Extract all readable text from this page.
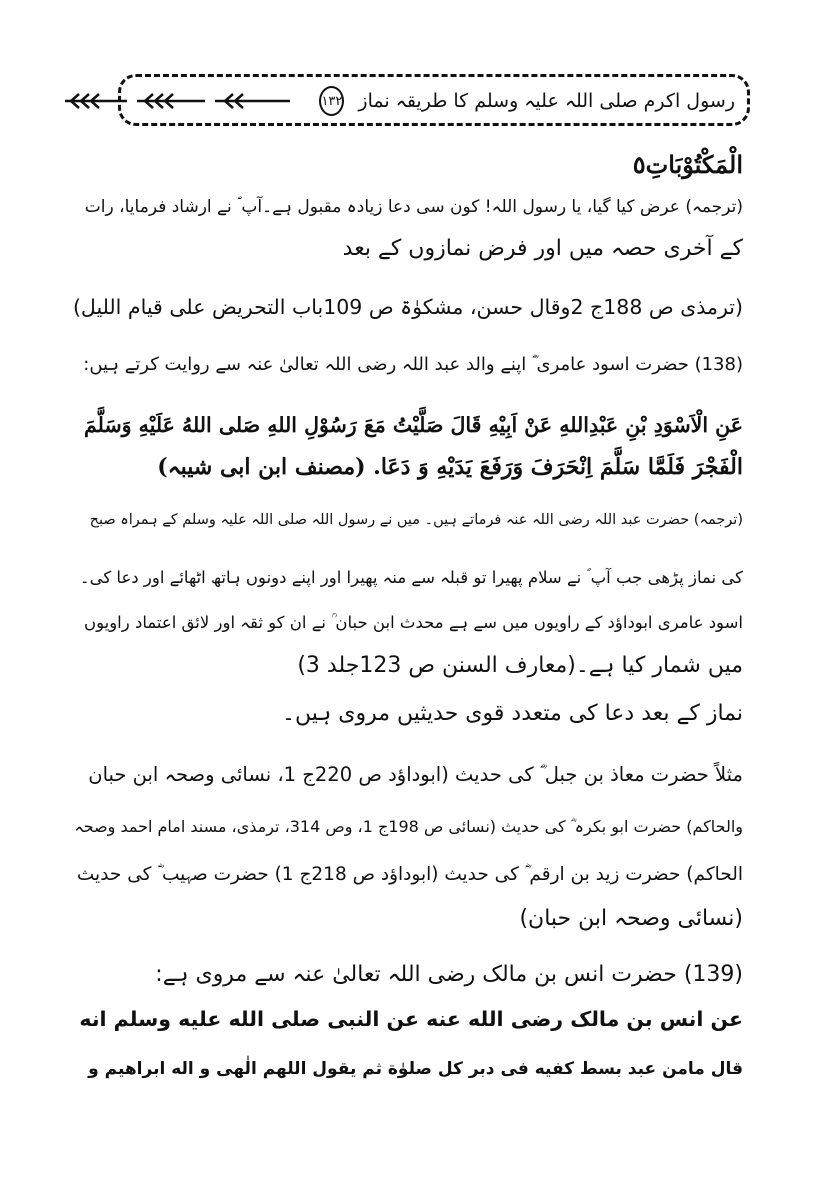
رسول اکرم صلی اللہ علیہ وسلم کا طریقہ نماز
۱۳۲
الْمَكْتُوْبَاتِ٥
(ترجمہ) عرض کیا گیا، یا رسول اللہ! کون سی دعا زیادہ مقبول ہے۔آپ ؐ نے ارشاد فرمایا، رات
کے آخری حصہ میں اور فرض نمازوں کے بعد
(ترمذی ص 188ج 2وقال حسن، مشکوٰۃ ص 109باب التحریض علی قیام اللیل)
(138) حضرت اسود عامری ؓ اپنے والد عبد اللہ رضی اللہ تعالیٰ عنہ سے روایت کرتے ہیں:
عَنِ الْاَسْوَدِ بْنِ عَبْدِاللهِ عَنْ اَبِيْهِ قَالَ صَلَّيْتُ مَعَ رَسُوْلِ اللهِ صَلى اللهُ عَلَيْهِ وَسَلَّمَ
الْفَجْرَ فَلَمَّا سَلَّمَ اِنْحَرَفَ وَرَفَعَ يَدَيْهِ وَ دَعَا. (مصنف ابن ابی شیبہ)
(ترجمہ) حضرت عبد اللہ رضی اللہ عنہ فرماتے ہیں۔ میں نے رسول اللہ صلی اللہ علیہ وسلم کے ہمراہ صبح
کی نماز پڑھی جب آپ ؐ نے سلام پھیرا تو قبلہ سے منہ پھیرا اور اپنے دونوں ہاتھ اٹھائے اور دعا کی۔
اسود عامری ابوداؤد کے راویوں میں سے ہے محدث ابن حبان ؒ نے ان کو ثقہ اور لائق اعتماد راویوں
میں شمار کیا ہے۔(معارف السنن ص 123جلد 3)
نماز کے بعد دعا کی متعدد قوی حدیثیں مروی ہیں۔
مثلاً حضرت معاذ بن جبل ؓ کی حدیث (ابوداؤد ص 220ج 1، نسائی وصحہ ابن حبان
والحاکم) حضرت ابو بکرہ ؓ کی حدیث (نسائی ص 198ج 1، وص 314، ترمذی، مسند امام احمد وصحہ
الحاکم) حضرت زید بن ارقم ؓ کی حدیث (ابوداؤد ص 218ج 1) حضرت صہیب ؓ کی حدیث
(نسائی وصحہ ابن حبان)
(139) حضرت انس بن مالک رضی اللہ تعالیٰ عنہ سے مروی ہے:
عن انس بن مالک رضی الله عنه عن النبی صلی الله علیه وسلم انه
قال مامن عبد بسط كفیه فی دبر كل صلوٰة ثم یقول اللهم الٰهی و اله ابراهیم و
